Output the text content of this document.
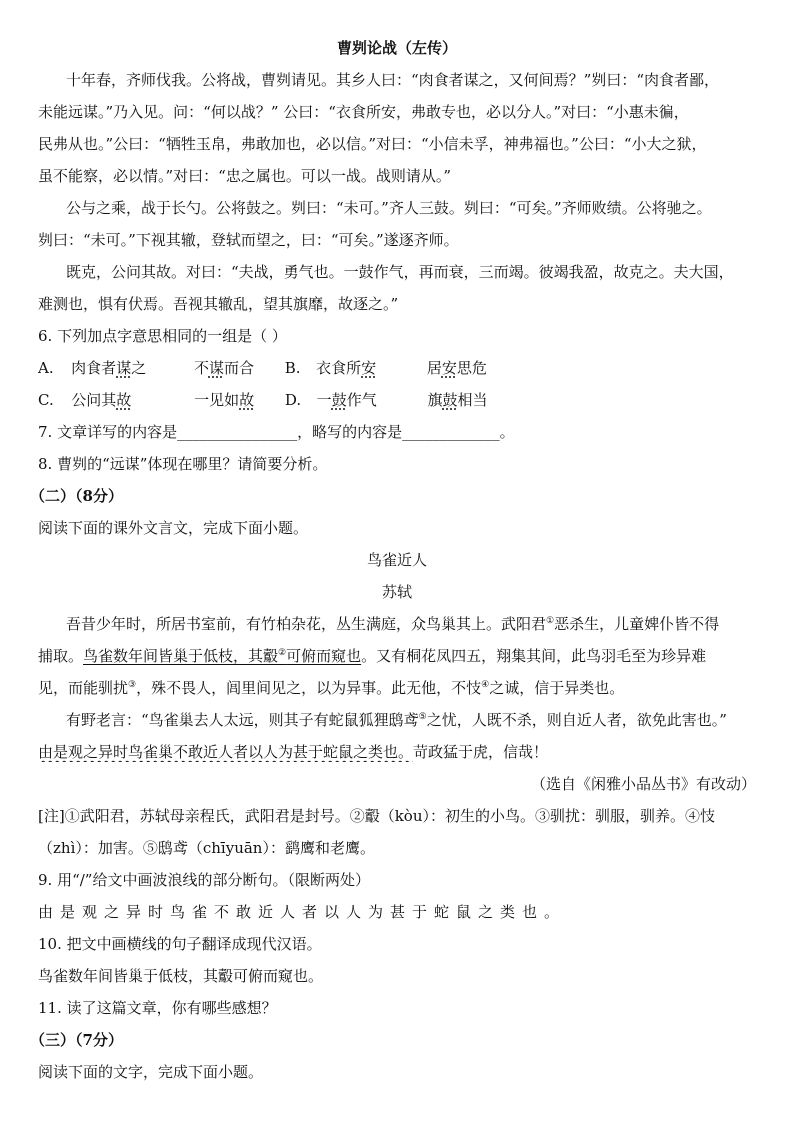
曹刿论战（左传）
十年春，齐师伐我。公将战，曹刿请见。其乡人曰：“肉食者谋之，又何间焉？”刿曰：“肉食者鄙，
未能远谋。”乃入见。问：“何以战？” 公曰：“衣食所安，弗敢专也，必以分人。”对曰：“小惠未徧，
民弗从也。”公曰：“牺牲玉帛，弗敢加也，必以信。”对曰：“小信未孚，神弗福也。”公曰：“小大之狱，
虽不能察，必以情。”对曰：“忠之属也。可以一战。战则请从。”
公与之乘，战于长勺。公将鼓之。刿曰：“未可。”齐人三鼓。刿曰：“可矣。”齐师败绩。公将驰之。
刿曰：“未可。”下视其辙，登轼而望之，曰：“可矣。”遂逐齐师。
既克，公问其故。对曰：“夫战，勇气也。一鼓作气，再而衰，三而竭。彼竭我盈，故克之。夫大国，
难测也，惧有伏焉。吾视其辙乱，望其旗靡，故逐之。”
6. 下列加点字意思相同的一组是（ ）
A. 肉食者谋之	不谋而合 B. 衣食所安	居安思危
C. 公问其故	一见如故 D. 一鼓作气	旗鼓相当
7. 文章详写的内容是________________，略写的内容是_____________。
8. 曹刿的“远谋”体现在哪里？请简要分析。
（二）（8分）
阅读下面的课外文言文，完成下面小题。
鸟雀近人
苏轼
吾昔少年时，所居书室前，有竹柏杂花，丛生满庭，众鸟巢其上。武阳君①恶杀生，儿童婢仆皆不得
捕取。鸟雀数年间皆巢于低枝，其鷇②可俯而窥也。又有桐花凤四五，翔集其间，此鸟羽毛至为珍异难
见，而能驯扰③，殊不畏人，闾里间见之，以为异事。此无他，不忮④之诚，信于异类也。
有野老言：“鸟雀巢去人太远，则其子有蛇鼠狐狸鸱鸢⑤之忧，人既不杀，则自近人者，欲免此害也。”
由是观之异时鸟雀巢不敢近人者以人为甚于蛇鼠之类也。苛政猛于虎，信哉！
（选自《闲雅小品丛书》有改动）
[注]①武阳君，苏轼母亲程氏，武阳君是封号。②鷇（kòu）：初生的小鸟。③驯扰：驯服，驯养。④忮
（zhì）：加害。⑤鸱鸢（chīyuān）：鹞鹰和老鹰。
9. 用“/”给文中画波浪线的部分断句。（限断两处）
由是观之异时鸟雀不敢近人者以人为甚于蛇鼠之类也。
10. 把文中画横线的句子翻译成现代汉语。
鸟雀数年间皆巢于低枝，其鷇可俯而窥也。
11. 读了这篇文章，你有哪些感想？
（三）（7分）
阅读下面的文字，完成下面小题。
